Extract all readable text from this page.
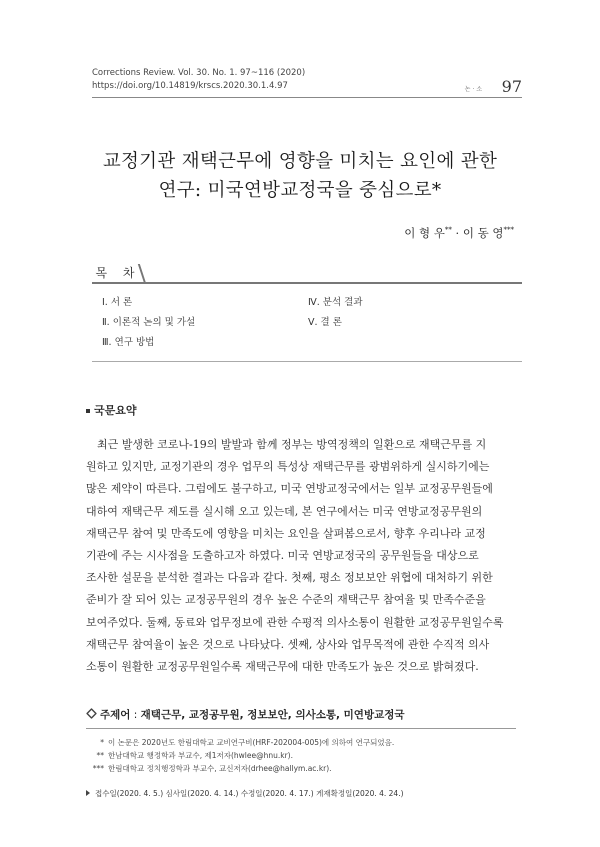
Corrections Review. Vol. 30. No. 1. 97~116 (2020)
https://doi.org/10.14819/krscs.2020.30.1.4.97	논 · 소 97
교정기관 재택근무에 영향을 미치는 요인에 관한
연구: 미국연방교정국을 중심으로*
이 형 우** · 이 동 영***
목 차
Ⅰ. 서 론
Ⅱ. 이론적 논의 및 가설
Ⅲ. 연구 방법
Ⅳ. 분석 결과
Ⅴ. 결 론
국문요약
최근 발생한 코로나-19의 발발과 함께 정부는 방역정책의 일환으로 재택근무를 지
원하고 있지만, 교정기관의 경우 업무의 특성상 재택근무를 광범위하게 실시하기에는
많은 제약이 따른다. 그럼에도 불구하고, 미국 연방교정국에서는 일부 교정공무원들에
대하여 재택근무 제도를 실시해 오고 있는데, 본 연구에서는 미국 연방교정공무원의
재택근무 참여 및 만족도에 영향을 미치는 요인을 살펴봄으로서, 향후 우리나라 교정
기관에 주는 시사점을 도출하고자 하였다. 미국 연방교정국의 공무원들을 대상으로
조사한 설문을 분석한 결과는 다음과 같다. 첫째, 평소 정보보안 위협에 대처하기 위한
준비가 잘 되어 있는 교정공무원의 경우 높은 수준의 재택근무 참여율 및 만족수준을
보여주었다. 둘째, 동료와 업무정보에 관한 수평적 의사소통이 원활한 교정공무원일수록
재택근무 참여율이 높은 것으로 나타났다. 셋째, 상사와 업무목적에 관한 수직적 의사
소통이 원활한 교정공무원일수록 재택근무에 대한 만족도가 높은 것으로 밝혀졌다.
주제어 : 재택근무, 교정공무원, 정보보안, 의사소통, 미연방교정국
* 이 논문은 2020년도 한림대학교 교비연구비(HRF-202004-005)에 의하여 연구되었음.
** 한남대학교 행정학과 부교수, 제1저자(hwlee@hnu.kr).
*** 한림대학교 정치행정학과 부교수, 교신저자(drhee@hallym.ac.kr).
접수일(2020. 4. 5.) 심사일(2020. 4. 14.) 수정일(2020. 4. 17.) 게재확정일(2020. 4. 24.)
